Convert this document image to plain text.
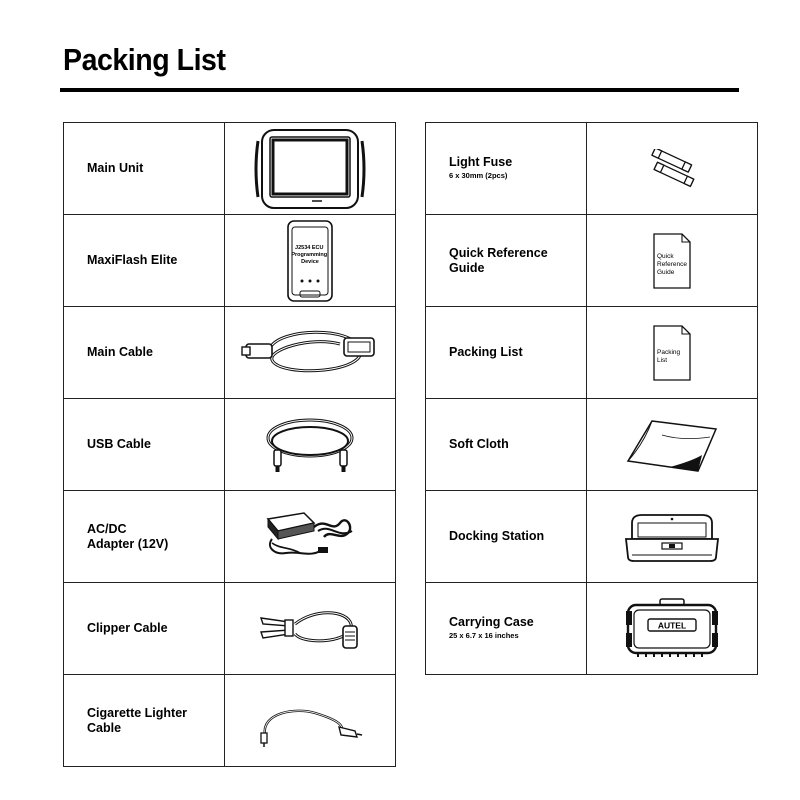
Packing List
Main Unit

MaxiFlash Elite	J2534 ECU Programming Device

Main Cable

USB Cable

AC/DC
Adapter (12V)

Clipper Cable

Cigarette Lighter
Cable

Light Fuse
6 x 30mm (2pcs)

Quick Reference
Guide	Quick Reference Guide

Packing List	Packing List

Soft Cloth

Docking Station

Carrying Case
25 x 6.7 x 16 inches	AUTEL
